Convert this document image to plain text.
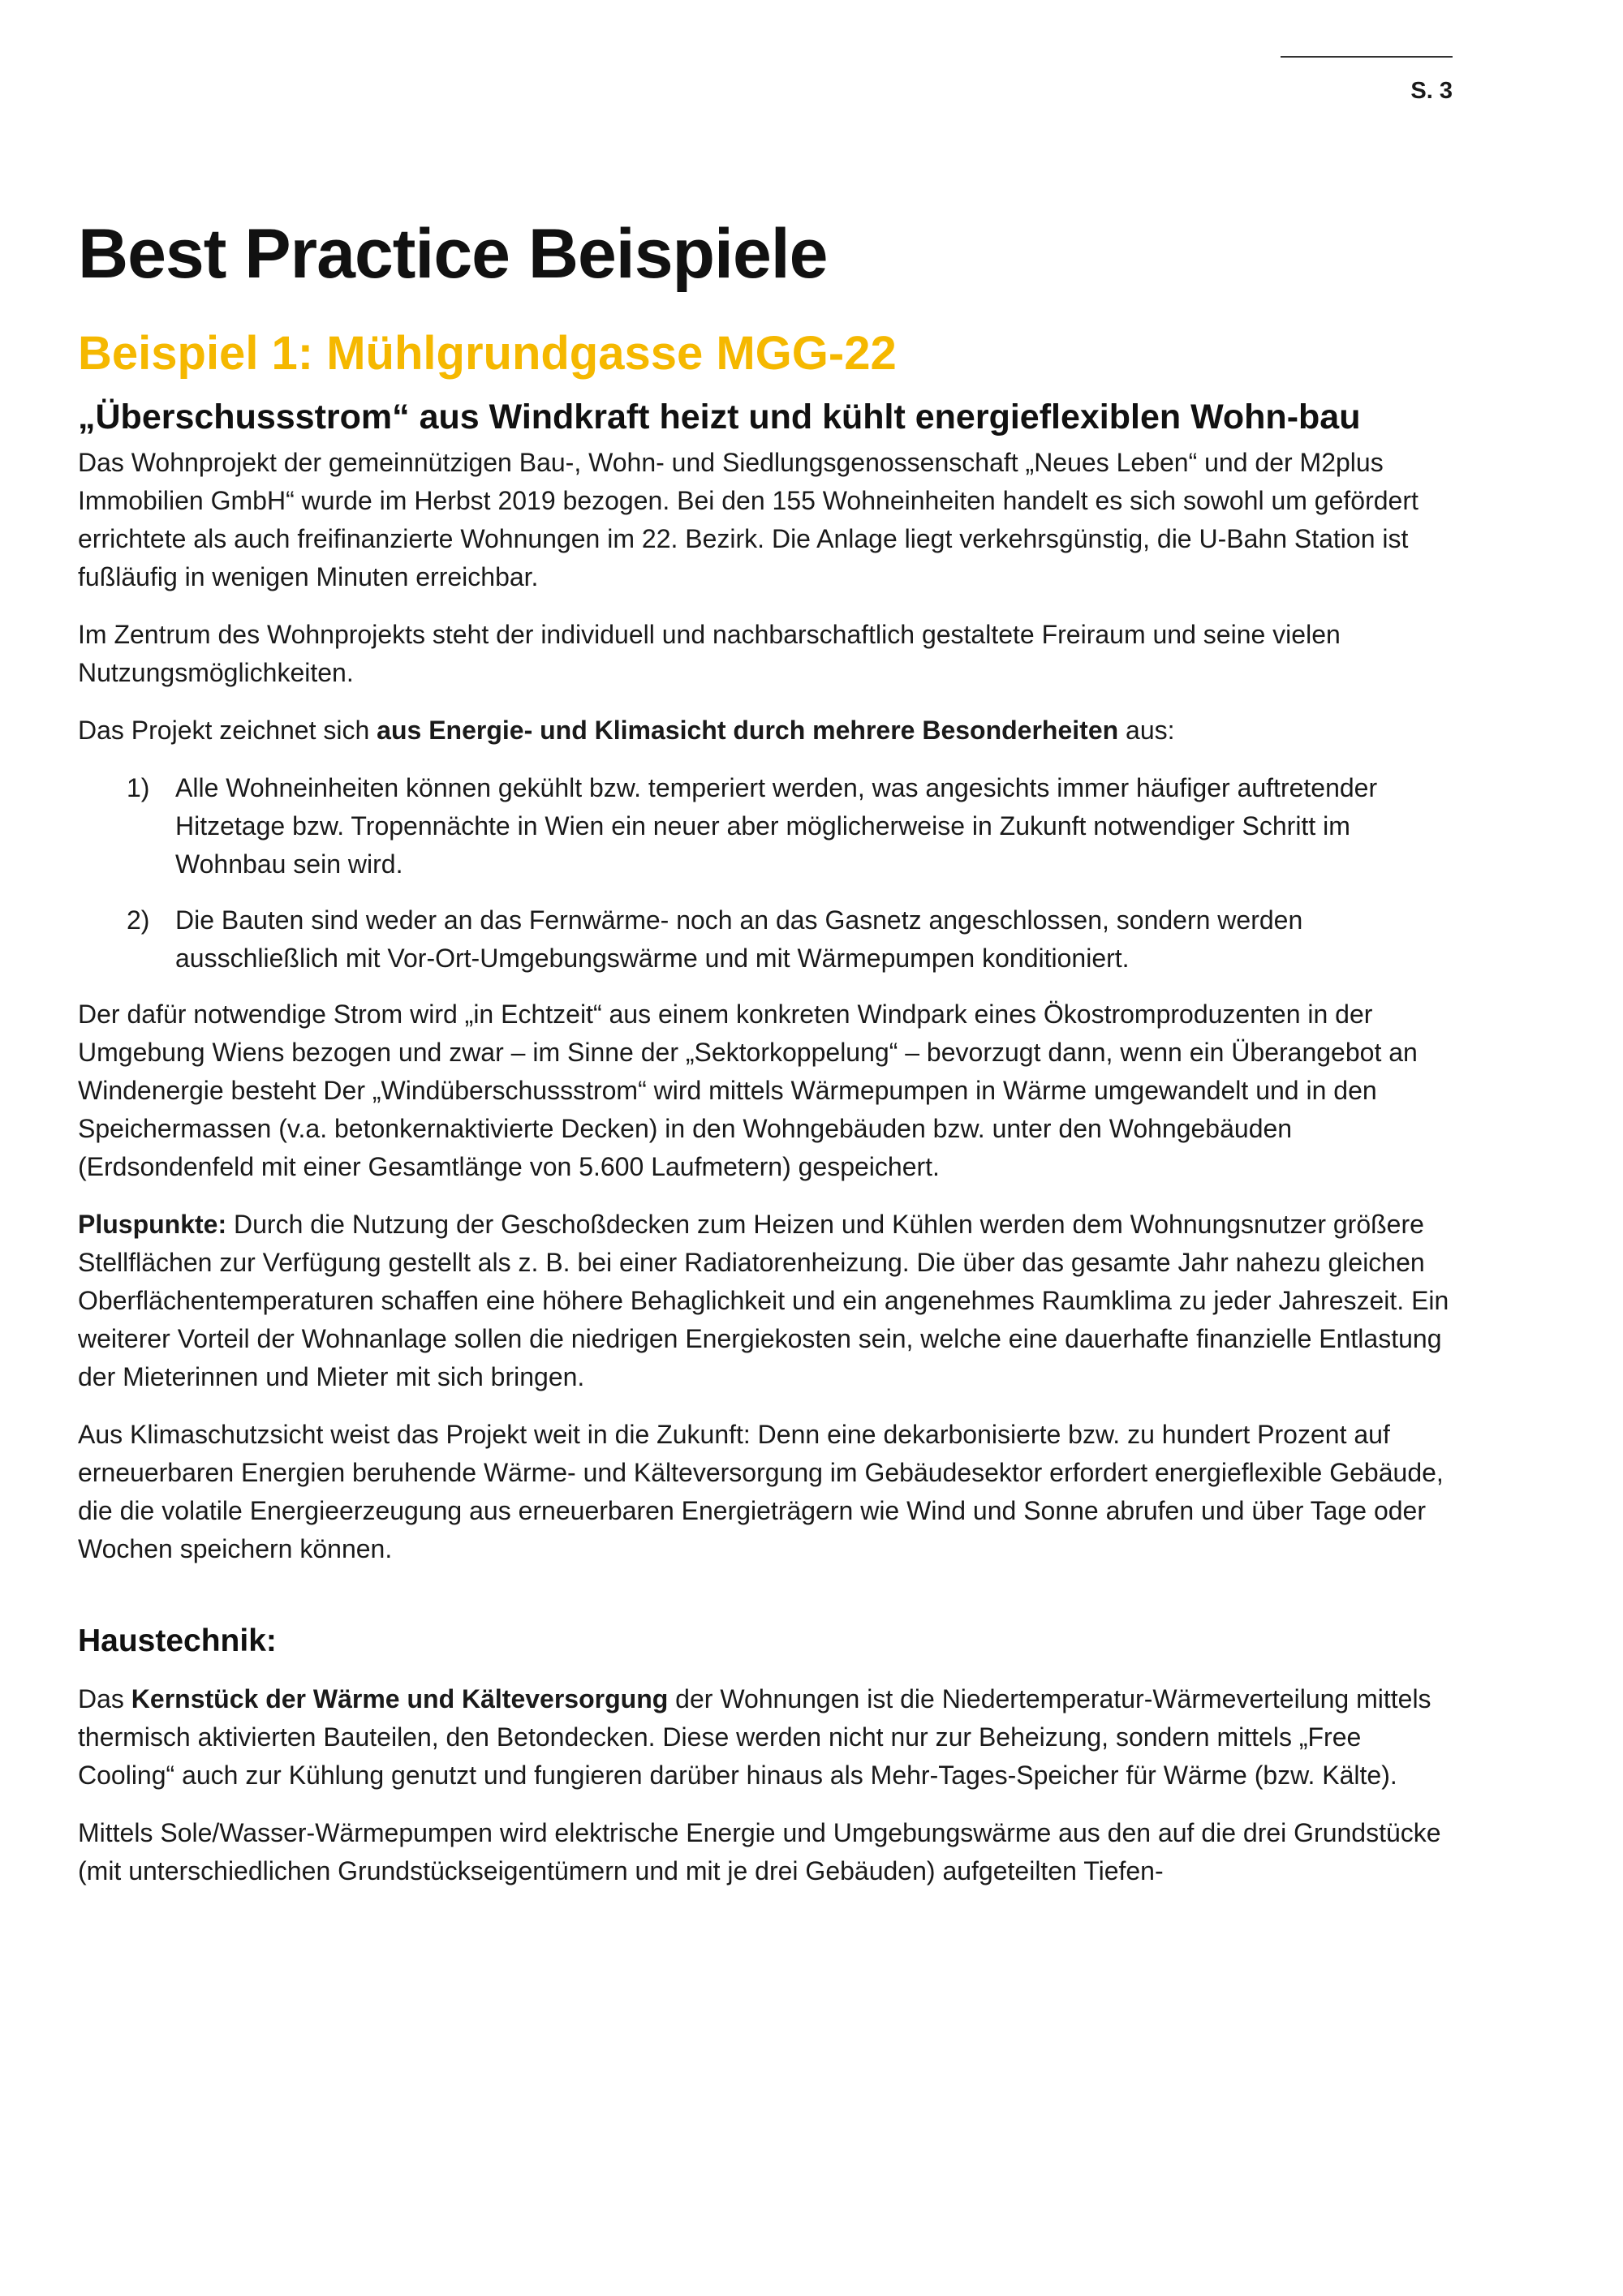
S. 3
Best Practice Beispiele
Beispiel 1: Mühlgrundgasse MGG-22
„Überschussstrom“ aus Windkraft heizt und kühlt energieflexiblen Wohn-bau

Das Wohnprojekt der gemeinnützigen Bau-, Wohn- und Siedlungsgenossenschaft „Neues Leben“ und der M2plus Immobilien GmbH“ wurde im Herbst 2019 bezogen. Bei den 155 Wohneinheiten handelt es sich sowohl um gefördert errichtete als auch freifinanzierte Wohnungen im 22. Bezirk. Die Anlage liegt verkehrsgünstig, die U-Bahn Station ist fußläufig in wenigen Minuten erreichbar.

Im Zentrum des Wohnprojekts steht der individuell und nachbarschaftlich gestaltete Freiraum und seine vielen Nutzungsmöglichkeiten.

Das Projekt zeichnet sich aus Energie- und Klimasicht durch mehrere Besonderheiten aus:

1) Alle Wohneinheiten können gekühlt bzw. temperiert werden, was angesichts immer häufiger auftretender Hitzetage bzw. Tropennächte in Wien ein neuer aber möglicherweise in Zukunft notwendiger Schritt im Wohnbau sein wird.
2) Die Bauten sind weder an das Fernwärme- noch an das Gasnetz angeschlossen, sondern werden ausschließlich mit Vor-Ort-Umgebungswärme und mit Wärmepumpen konditioniert.

Der dafür notwendige Strom wird „in Echtzeit“ aus einem konkreten Windpark eines Ökostromproduzenten in der Umgebung Wiens bezogen und zwar – im Sinne der „Sektorkoppelung“ – bevorzugt dann, wenn ein Überangebot an Windenergie besteht Der „Windüberschussstrom“ wird mittels Wärmepumpen in Wärme umgewandelt und in den Speichermassen (v.a. betonkernaktivierte Decken) in den Wohngebäuden bzw. unter den Wohngebäuden (Erdsondenfeld mit einer Gesamtlänge von 5.600 Laufmetern) gespeichert.

Pluspunkte: Durch die Nutzung der Geschoßdecken zum Heizen und Kühlen werden dem Wohnungsnutzer größere Stellflächen zur Verfügung gestellt als z. B. bei einer Radiatorenheizung. Die über das gesamte Jahr nahezu gleichen Oberflächentemperaturen schaffen eine höhere Behaglichkeit und ein angenehmes Raumklima zu jeder Jahreszeit. Ein weiterer Vorteil der Wohnanlage sollen die niedrigen Energiekosten sein, welche eine dauerhafte finanzielle Entlastung der Mieterinnen und Mieter mit sich bringen.

Aus Klimaschutzsicht weist das Projekt weit in die Zukunft: Denn eine dekarbonisierte bzw. zu hundert Prozent auf erneuerbaren Energien beruhende Wärme- und Kälteversorgung im Gebäudesektor erfordert energieflexible Gebäude, die die volatile Energieerzeugung aus erneuerbaren Energieträgern wie Wind und Sonne abrufen und über Tage oder Wochen speichern können.

Haustechnik:

Das Kernstück der Wärme und Kälteversorgung der Wohnungen ist die Niedertemperatur-Wärmeverteilung mittels thermisch aktivierten Bauteilen, den Betondecken. Diese werden nicht nur zur Beheizung, sondern mittels „Free Cooling“ auch zur Kühlung genutzt und fungieren darüber hinaus als Mehr-Tages-Speicher für Wärme (bzw. Kälte).

Mittels Sole/Wasser-Wärmepumpen wird elektrische Energie und Umgebungswärme aus den auf die drei Grundstücke (mit unterschiedlichen Grundstückseigentümern und mit je drei Gebäuden) aufgeteilten Tiefen-
